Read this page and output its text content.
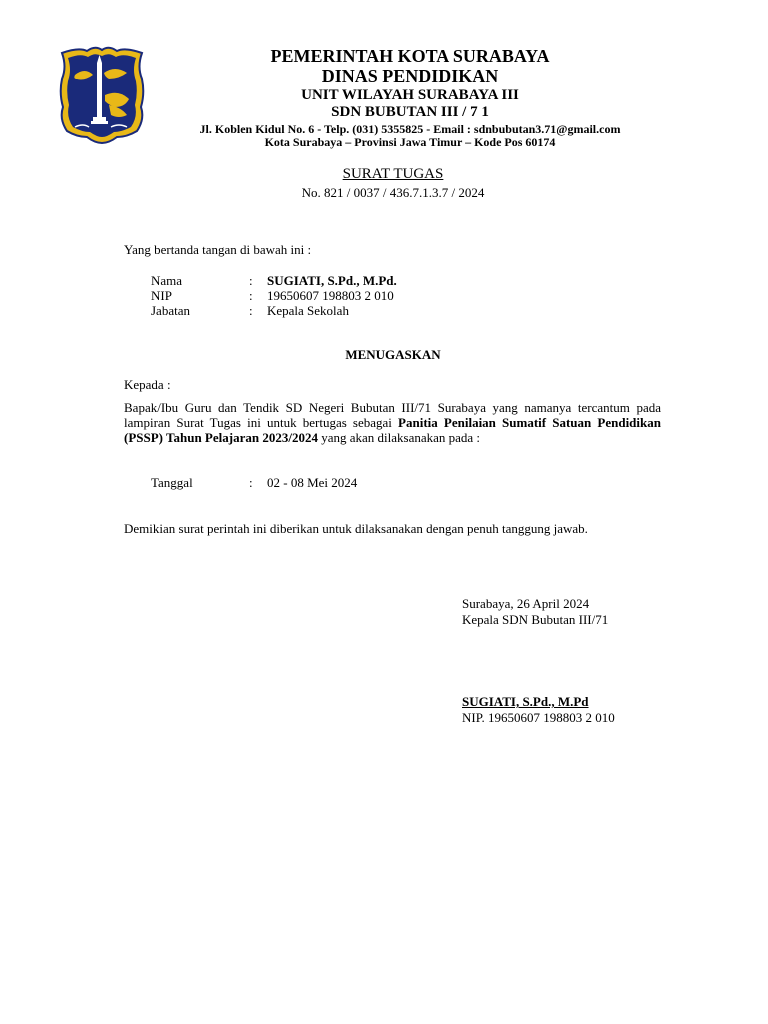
PEMERINTAH KOTA SURABAYA
DINAS PENDIDIKAN
UNIT WILAYAH SURABAYA III
SDN BUBUTAN III / 7 1
Jl. Koblen Kidul No. 6 - Telp. (031) 5355825 - Email : sdnbubutan3.71@gmail.com
Kota Surabaya – Provinsi Jawa Timur – Kode Pos 60174
SURAT TUGAS
No. 821 / 0037 / 436.7.1.3.7 / 2024
Yang bertanda tangan di bawah ini :
Nama	: SUGIATI, S.Pd., M.Pd.
NIP	: 19650607 198803 2 010
Jabatan	: Kepala Sekolah
MENUGASKAN
Kepada :
Bapak/Ibu Guru dan Tendik SD Negeri Bubutan III/71 Surabaya yang namanya tercantum pada lampiran Surat Tugas ini untuk bertugas sebagai Panitia Penilaian Sumatif Satuan Pendidikan (PSSP) Tahun Pelajaran 2023/2024 yang akan dilaksanakan pada :
Tanggal	: 02 - 08 Mei 2024
Demikian surat perintah ini diberikan untuk dilaksanakan dengan penuh tanggung jawab.
Surabaya, 26 April 2024
Kepala SDN Bubutan III/71
SUGIATI, S.Pd., M.Pd
NIP. 19650607 198803 2 010
